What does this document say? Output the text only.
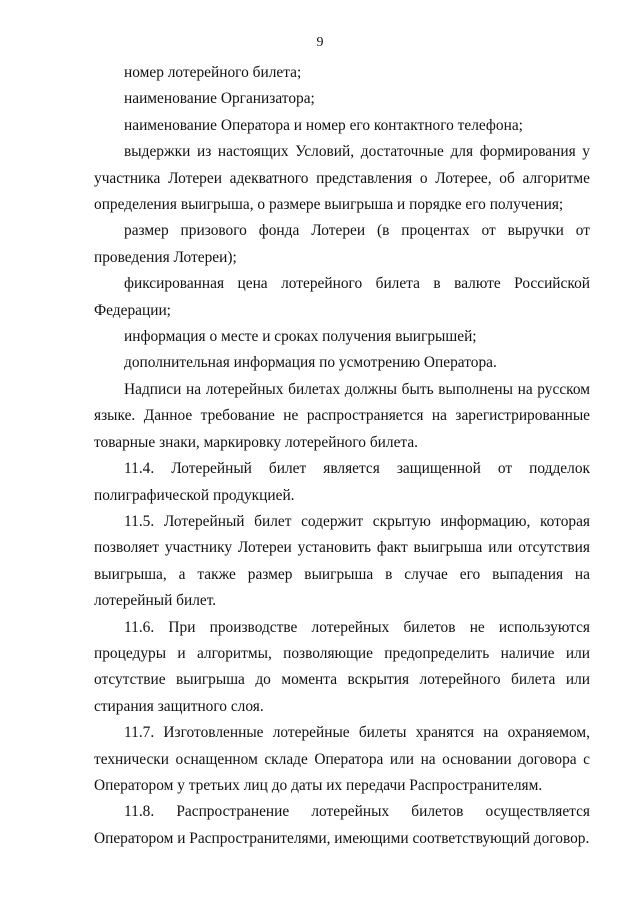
9

номер лотерейного билета;

наименование Организатора;

наименование Оператора и номер его контактного телефона;

выдержки из настоящих Условий, достаточные для формирования у участника Лотереи адекватного представления о Лотерее, об алгоритме определения выигрыша, о размере выигрыша и порядке его получения;

размер призового фонда Лотереи (в процентах от выручки от проведения Лотереи);

фиксированная цена лотерейного билета в валюте Российской Федерации;

информация о месте и сроках получения выигрышей;

дополнительная информация по усмотрению Оператора.

Надписи на лотерейных билетах должны быть выполнены на русском языке. Данное требование не распространяется на зарегистрированные товарные знаки, маркировку лотерейного билета.

11.4. Лотерейный билет является защищенной от подделок полиграфической продукцией.

11.5. Лотерейный билет содержит скрытую информацию, которая позволяет участнику Лотереи установить факт выигрыша или отсутствия выигрыша, а также размер выигрыша в случае его выпадения на лотерейный билет.

11.6. При производстве лотерейных билетов не используются процедуры и алгоритмы, позволяющие предопределить наличие или отсутствие выигрыша до момента вскрытия лотерейного билета или стирания защитного слоя.

11.7. Изготовленные лотерейные билеты хранятся на охраняемом, технически оснащенном складе Оператора или на основании договора с Оператором у третьих лиц до даты их передачи Распространителям.

11.8. Распространение лотерейных билетов осуществляется Оператором и Распространителями, имеющими соответствующий договор.
